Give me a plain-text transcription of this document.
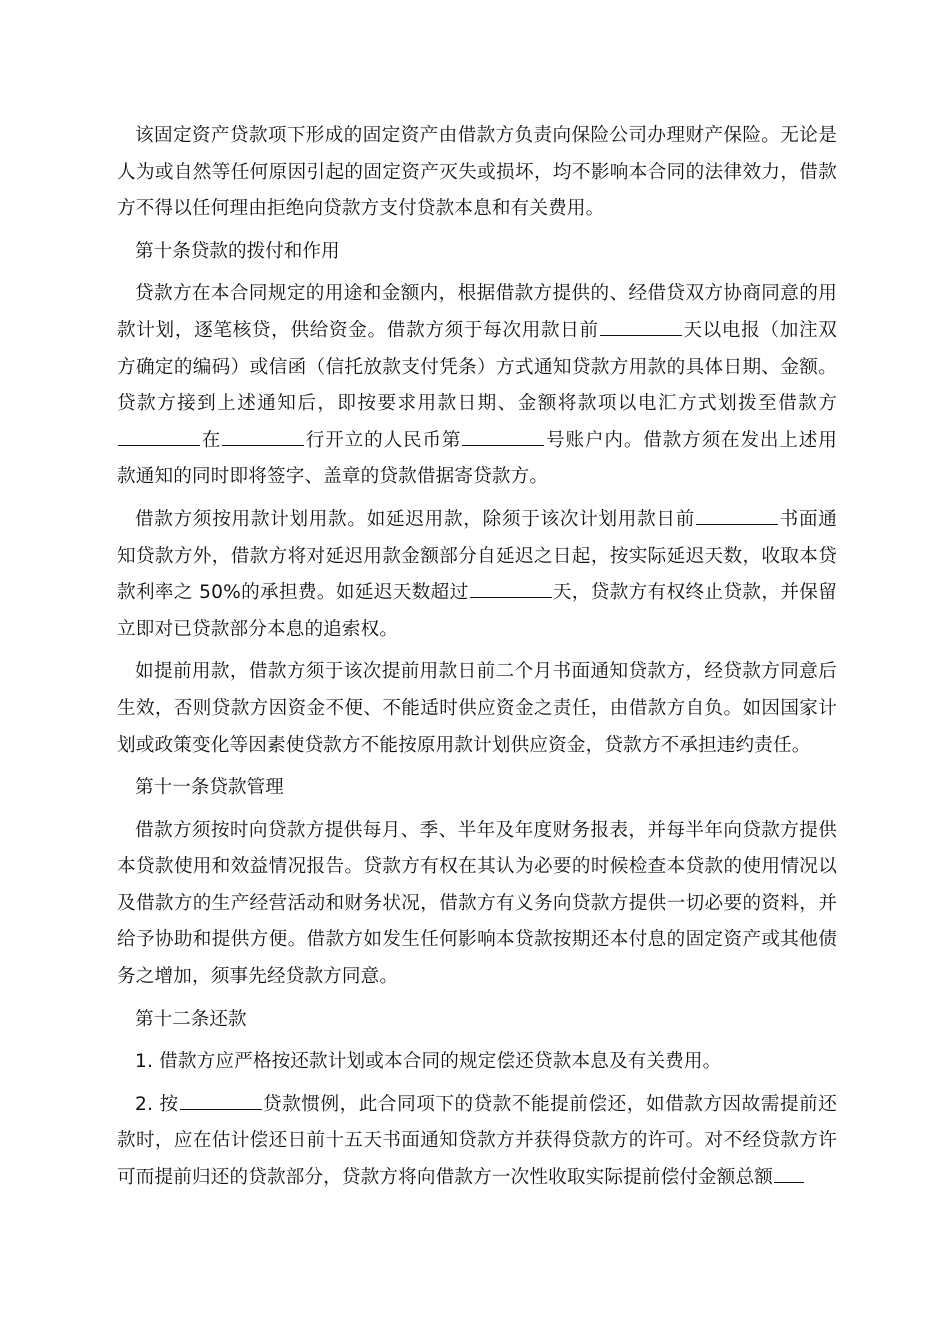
该固定资产贷款项下形成的固定资产由借款方负责向保险公司办理财产保险。无论是人为或自然等任何原因引起的固定资产灭失或损坏，均不影响本合同的法律效力，借款方不得以任何理由拒绝向贷款方支付贷款本息和有关费用。

第十条贷款的拨付和作用

贷款方在本合同规定的用途和金额内，根据借款方提供的、经借贷双方协商同意的用款计划，逐笔核贷，供给资金。借款方须于每次用款日前	天以电报（加注双方确定的编码）或信函（信托放款支付凭条）方式通知贷款方用款的具体日期、金额。贷款方接到上述通知后，即按要求用款日期、金额将款项以电汇方式划拨至借款方在	行开立的人民币第	号账户内。借款方须在发出上述用款通知的同时即将签字、盖章的贷款借据寄贷款方。

借款方须按用款计划用款。如延迟用款，除须于该次计划用款日前	书面通知贷款方外，借款方将对延迟用款金额部分自延迟之日起，按实际延迟天数，收取本贷款利率之 50%的承担费。如延迟天数超过	天，贷款方有权终止贷款，并保留立即对已贷款部分本息的追索权。

如提前用款，借款方须于该次提前用款日前二个月书面通知贷款方，经贷款方同意后生效，否则贷款方因资金不便、不能适时供应资金之责任，由借款方自负。如因国家计划或政策变化等因素使贷款方不能按原用款计划供应资金，贷款方不承担违约责任。

第十一条贷款管理

借款方须按时向贷款方提供每月、季、半年及年度财务报表，并每半年向贷款方提供本贷款使用和效益情况报告。贷款方有权在其认为必要的时候检查本贷款的使用情况以及借款方的生产经营活动和财务状况，借款方有义务向贷款方提供一切必要的资料，并给予协助和提供方便。借款方如发生任何影响本贷款按期还本付息的固定资产或其他债务之增加，须事先经贷款方同意。

第十二条还款

1. 借款方应严格按还款计划或本合同的规定偿还贷款本息及有关费用。

2. 按	贷款惯例，此合同项下的贷款不能提前偿还，如借款方因故需提前还款时，应在估计偿还日前十五天书面通知贷款方并获得贷款方的许可。对不经贷款方许可而提前归还的贷款部分，贷款方将向借款方一次性收取实际提前偿付金额总额
